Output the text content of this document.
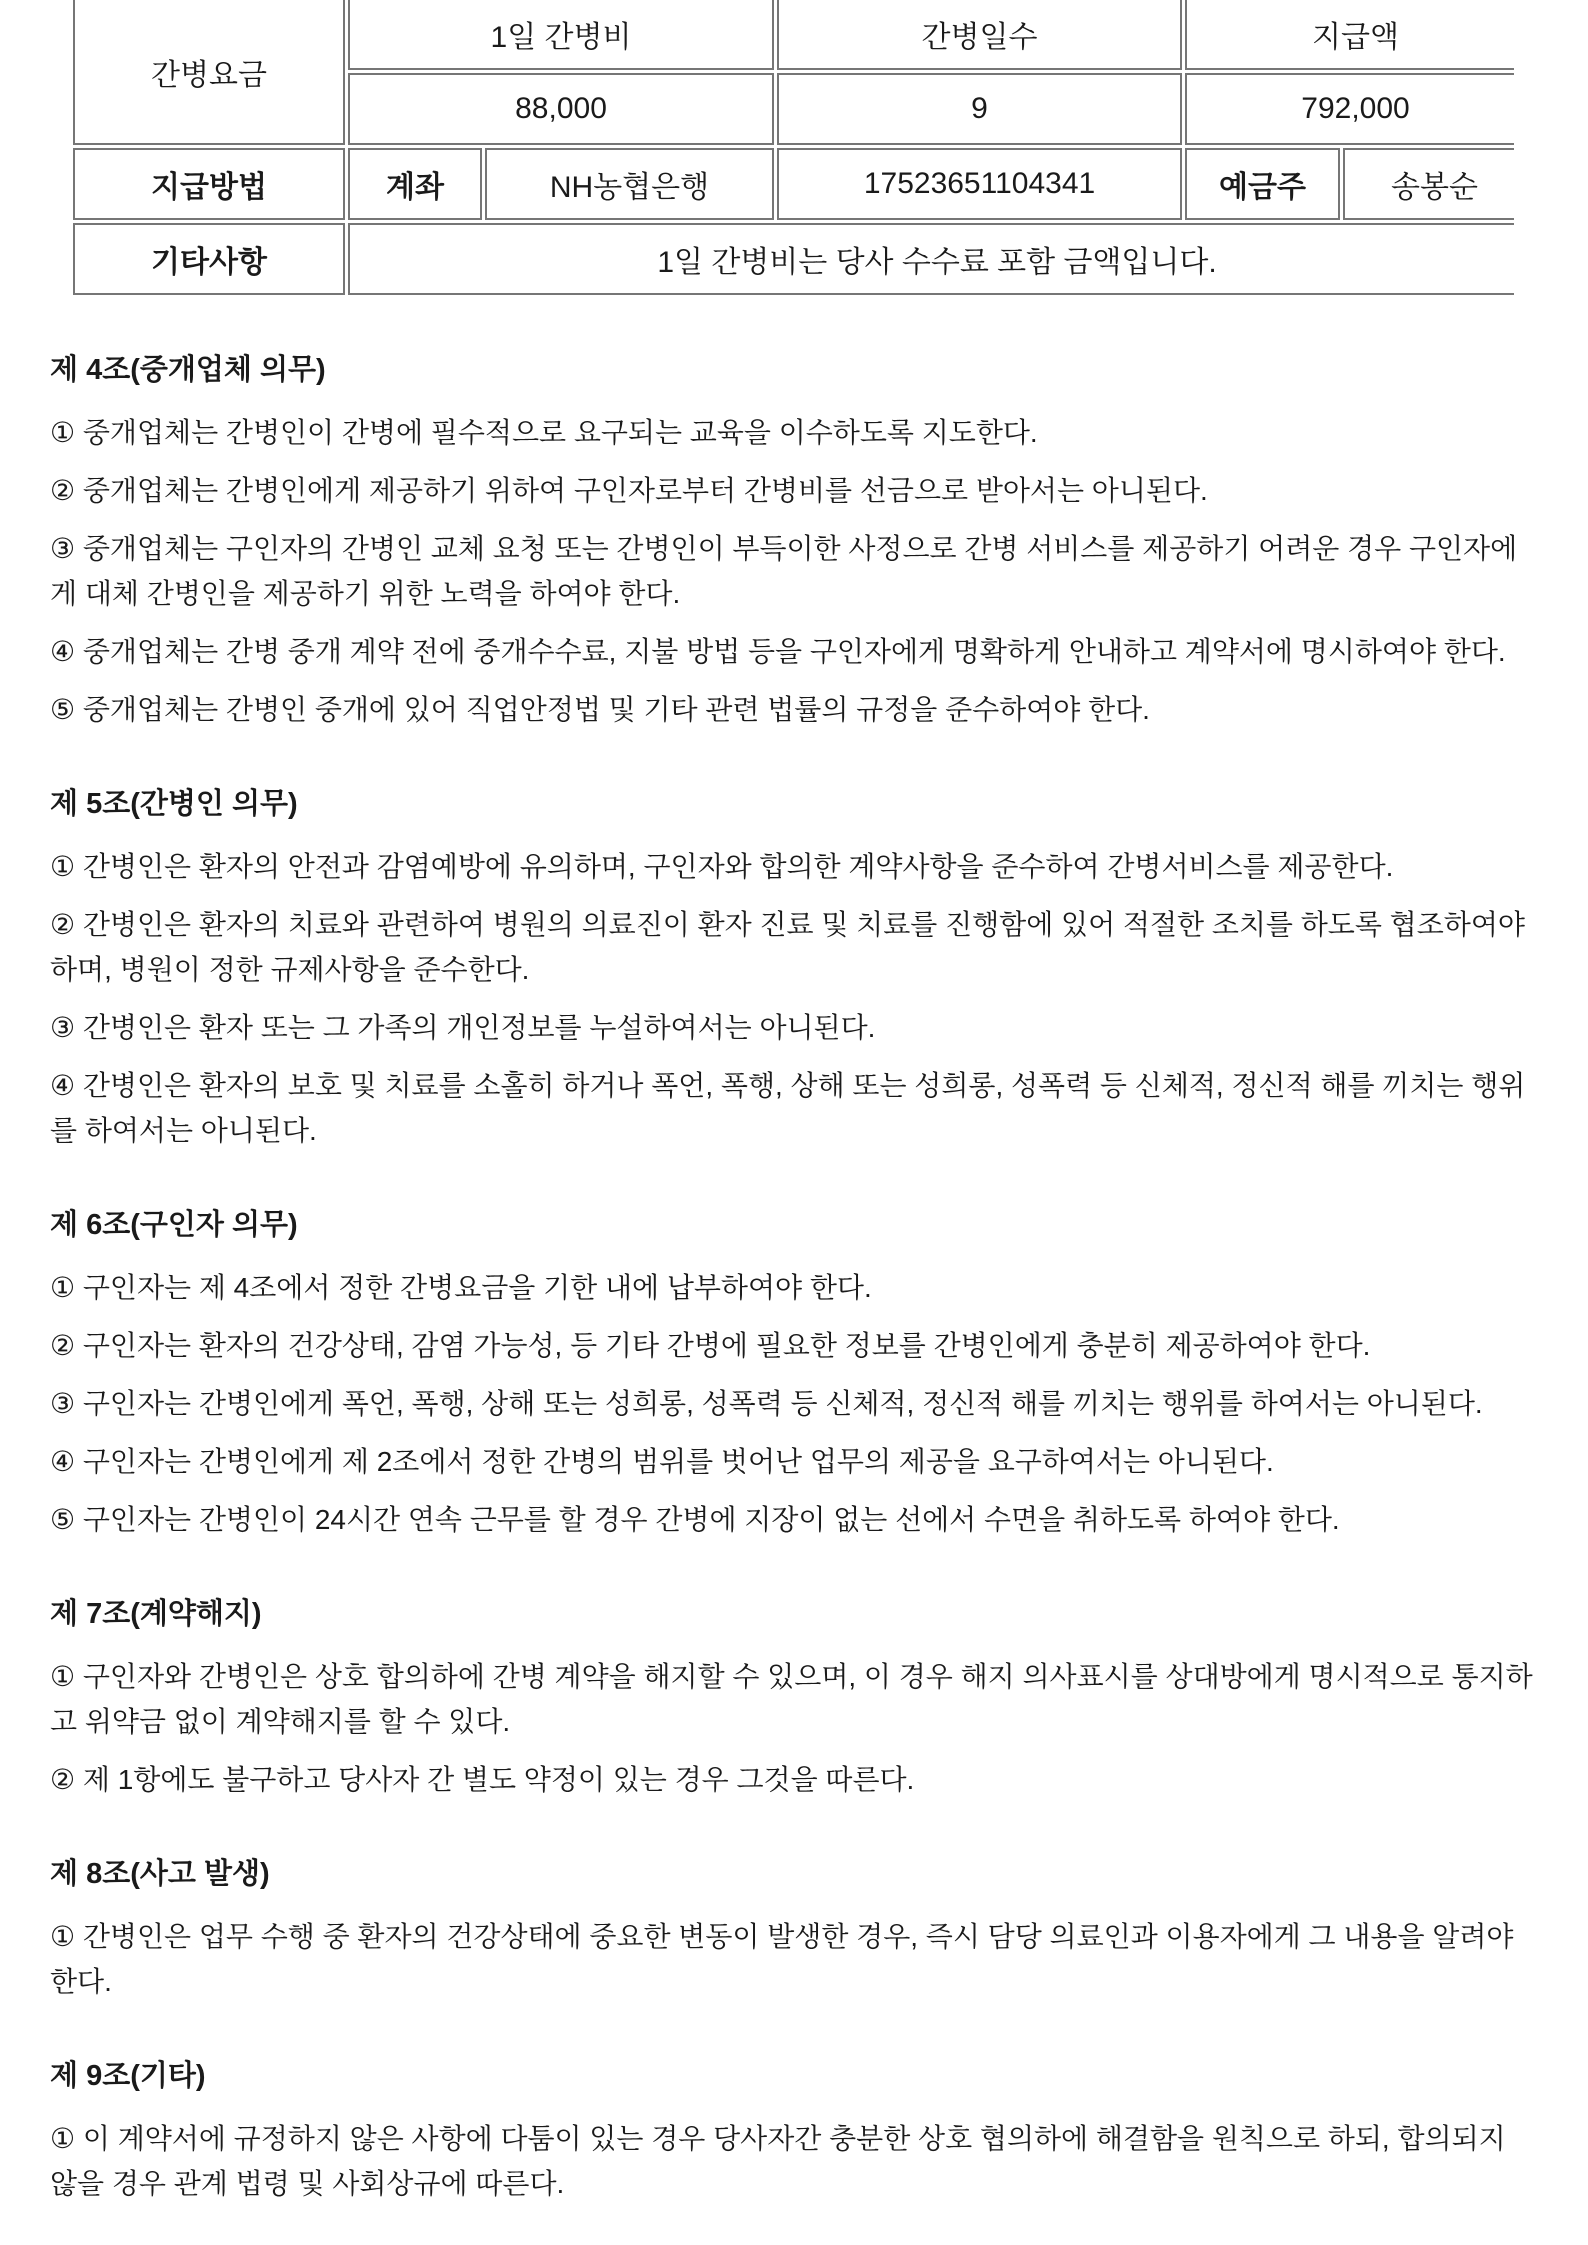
간병요금	1일 간병비		간병일수	지급액	
	88,000		9	792,000	
지급방법	계좌	NH농협은행	17523651104341	예금주	송봉순
기타사항	1일 간병비는 당사 수수료 포함 금액입니다.				
제 4조(중개업체 의무)

① 중개업체는 간병인이 간병에 필수적으로 요구되는 교육을 이수하도록 지도한다.

② 중개업체는 간병인에게 제공하기 위하여 구인자로부터 간병비를 선금으로 받아서는 아니된다.

③ 중개업체는 구인자의 간병인 교체 요청 또는 간병인이 부득이한 사정으로 간병 서비스를 제공하기 어려운 경우 구인자에게 대체 간병인을 제공하기 위한 노력을 하여야 한다.

④ 중개업체는 간병 중개 계약 전에 중개수수료, 지불 방법 등을 구인자에게 명확하게 안내하고 계약서에 명시하여야 한다.

⑤ 중개업체는 간병인 중개에 있어 직업안정법 및 기타 관련 법률의 규정을 준수하여야 한다.

제 5조(간병인 의무)

① 간병인은 환자의 안전과 감염예방에 유의하며, 구인자와 합의한 계약사항을 준수하여 간병서비스를 제공한다.

② 간병인은 환자의 치료와 관련하여 병원의 의료진이 환자 진료 및 치료를 진행함에 있어 적절한 조치를 하도록 협조하여야 하며, 병원이 정한 규제사항을 준수한다.

③ 간병인은 환자 또는 그 가족의 개인정보를 누설하여서는 아니된다.

④ 간병인은 환자의 보호 및 치료를 소홀히 하거나 폭언, 폭행, 상해 또는 성희롱, 성폭력 등 신체적, 정신적 해를 끼치는 행위를 하여서는 아니된다.

제 6조(구인자 의무)

① 구인자는 제 4조에서 정한 간병요금을 기한 내에 납부하여야 한다.

② 구인자는 환자의 건강상태, 감염 가능성, 등 기타 간병에 필요한 정보를 간병인에게 충분히 제공하여야 한다.

③ 구인자는 간병인에게 폭언, 폭행, 상해 또는 성희롱, 성폭력 등 신체적, 정신적 해를 끼치는 행위를 하여서는 아니된다.

④ 구인자는 간병인에게 제 2조에서 정한 간병의 범위를 벗어난 업무의 제공을 요구하여서는 아니된다.

⑤ 구인자는 간병인이 24시간 연속 근무를 할 경우 간병에 지장이 없는 선에서 수면을 취하도록 하여야 한다.

제 7조(계약해지)

① 구인자와 간병인은 상호 합의하에 간병 계약을 해지할 수 있으며, 이 경우 해지 의사표시를 상대방에게 명시적으로 통지하고 위약금 없이 계약해지를 할 수 있다.

② 제 1항에도 불구하고 당사자 간 별도 약정이 있는 경우 그것을 따른다.

제 8조(사고 발생)

① 간병인은 업무 수행 중 환자의 건강상태에 중요한 변동이 발생한 경우, 즉시 담당 의료인과 이용자에게 그 내용을 알려야 한다.

제 9조(기타)

① 이 계약서에 규정하지 않은 사항에 다툼이 있는 경우 당사자간 충분한 상호 협의하에 해결함을 원칙으로 하되, 합의되지 않을 경우 관계 법령 및 사회상규에 따른다.
